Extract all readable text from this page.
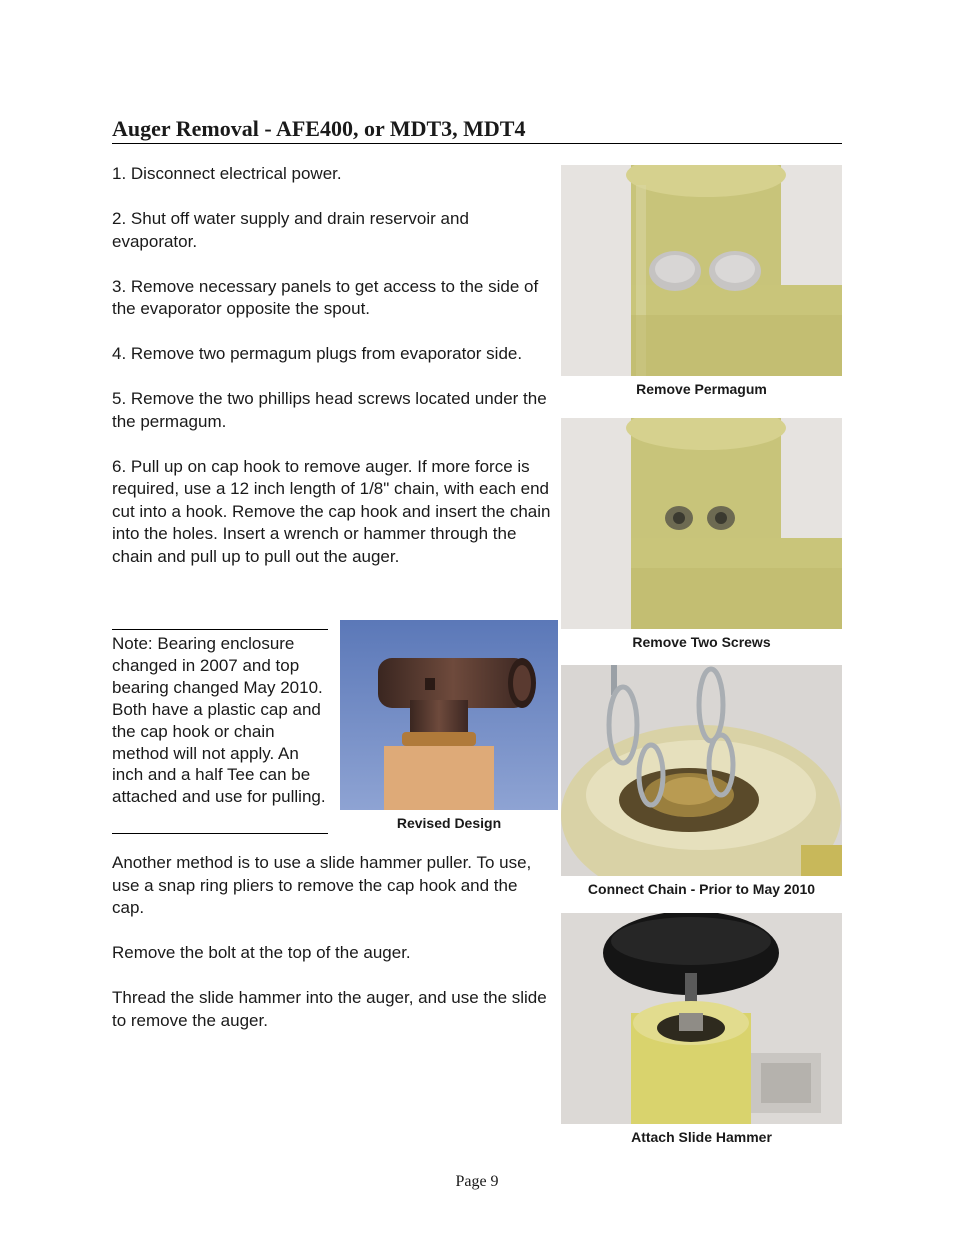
Auger Removal - AFE400, or MDT3, MDT4

1. Disconnect electrical power.

2. Shut off water supply and drain reservoir and evaporator.

3. Remove necessary panels to get access to the side of the evaporator opposite the spout.

4. Remove two permagum plugs from evaporator side.

5. Remove the two phillips head screws located under the the permagum.

6. Pull up on cap hook to remove auger. If more force is required, use a 12 inch length of 1/8" chain, with each end cut into a hook. Remove the cap hook and insert the chain into the holes. Insert a wrench or hammer through the chain and pull up to pull out the auger.

Note: Bearing enclosure changed in 2007 and top bearing changed May 2010. Both have a plastic cap and the cap hook or chain method will not apply. An inch and a half Tee can be attached and use for pulling.
Revised Design

Another method is to use a slide hammer puller. To use, use a snap ring pliers to remove the cap hook and the cap.

Remove the bolt at the top of the auger.

Thread the slide hammer into the auger, and use the slide to remove the auger.

Remove Permagum
Remove Two Screws
Connect Chain - Prior to May 2010
Attach Slide Hammer
Page 9
